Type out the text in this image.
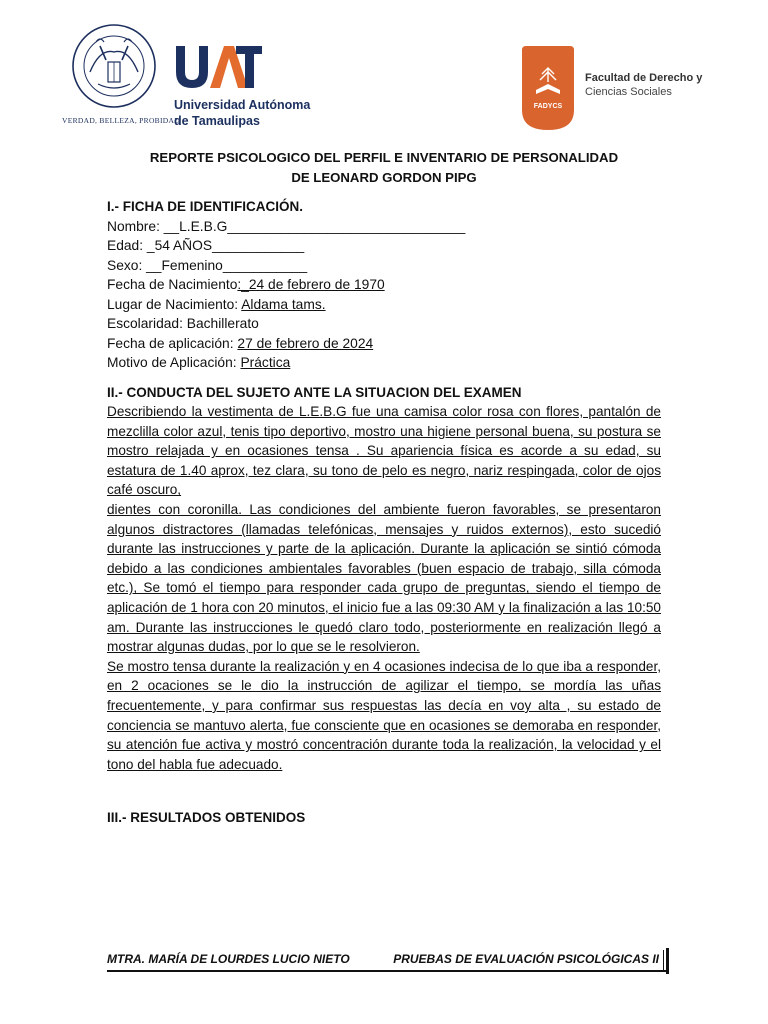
VERDAD, BELLEZA, PROBIDAD
Universidad Autónoma
de Tamaulipas
FADYCS
Facultad de Derecho y
Ciencias Sociales
REPORTE PSICOLOGICO DEL PERFIL E INVENTARIO DE PERSONALIDAD
DE LEONARD GORDON PIPG
I.- FICHA DE IDENTIFICACIÓN.
Nombre: __L.E.B.G_______________________________
Edad: _54 AÑOS____________
Sexo: __Femenino___________
Fecha de Nacimiento:_24 de febrero de 1970
Lugar de Nacimiento: Aldama tams.
Escolaridad: Bachillerato
Fecha de aplicación: 27 de febrero de 2024
Motivo de Aplicación: Práctica
II.- CONDUCTA DEL SUJETO ANTE LA SITUACION DEL EXAMEN

Describiendo la vestimenta de L.E.B.G fue una camisa color rosa con flores, pantalón de mezclilla color azul, tenis tipo deportivo, mostro una higiene personal buena, su postura se mostro relajada y en ocasiones tensa . Su apariencia física es acorde a su edad, su estatura de 1.40 aprox, tez clara, su tono de pelo es negro, nariz respingada, color de ojos café oscuro,

dientes con coronilla. Las condiciones del ambiente fueron favorables, se presentaron algunos distractores (llamadas telefónicas, mensajes y ruidos externos), esto sucedió durante las instrucciones y parte de la aplicación. Durante la aplicación se sintió cómoda debido a las condiciones ambientales favorables (buen espacio de trabajo, silla cómoda etc.), Se tomó el tiempo para responder cada grupo de preguntas, siendo el tiempo de aplicación de 1 hora con 20 minutos, el inicio fue a las 09:30 AM y la finalización a las 10:50 am. Durante las instrucciones le quedó claro todo, posteriormente en realización llegó a mostrar algunas dudas, por lo que se le resolvieron.

Se mostro tensa durante la realización y en 4 ocasiones indecisa de lo que iba a responder, en 2 ocaciones se le dio la instrucción de agilizar el tiempo, se mordía las uñas frecuentemente, y para confirmar sus respuestas las decía en voy alta , su estado de conciencia se mantuvo alerta, fue consciente que en ocasiones se demoraba en responder, su atención fue activa y mostró concentración durante toda la realización, la velocidad y el tono del habla fue adecuado.

III.- RESULTADOS OBTENIDOS
MTRA. MARÍA DE LOURDES LUCIO NIETO	PRUEBAS DE EVALUACIÓN PSICOLÓGICAS II
